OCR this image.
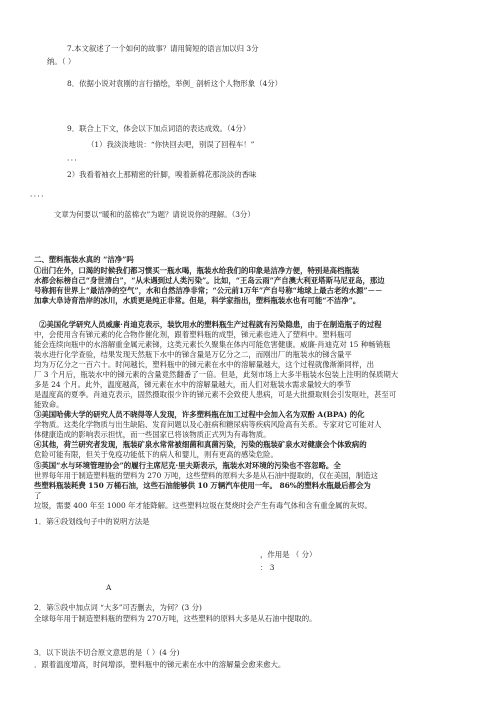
7.本文叙述了一个如何的故事？请用简短的语言加以归 3分
纳。（ ）
8．依据小说对袁刚的言行描绘，举例_ 剖析这个人物形象（4分）
9．联合上下文，体会以下加点词语的表达成效。（4分）
（1）我淡淡地说：“你快回去吧，别误了回程车！”
．．．
2）我看着袖衣上那精密的针脚，嗅着新棉花那淡淡的香味
．．．．
文章为何要以“暖和的蓝棉衣”为题？请说说你的理解。（3分）
二、塑料瓶装水真的 “洁净”吗
①出门在外，口渴的时候我们都习惯买一瓶水喝，瓶装水给我们的印象是洁净方便，特别是高档瓶装
水都会标榜自己“身世清白”，“从未遇到过人类污染”。比如，“王岛云雨”产自澳大利亚塔斯马尼亚岛，那边
号称拥有世界上“最洁净的空气”，水和自然洁净非常；“公元前1万年”产自号称“地球上最古老的水源”－－
加拿大阜诗育浩岸的冰川，水质更是纯正非常。但是，科学家指出，塑料瓶装水也有可能“不洁净”。
②美国化学研究人员威廉·肖迪克表示，装饮用水的塑料瓶生产过程就有污染隐患，由于在制造瓶子的过程
中，会使用含有锑元素的化合物作催化剂，跟着塑料瓶的成型，锑元素也进入了塑料中。塑料瓶可
能会连续向瓶中的水溶解重金属元素锑，这类元素长久聚集在体内可能危害健康。威廉·肖迪克对 15 种畅销瓶
装水进行化学查验，结果发现天然瓶下水中的锑含量是万亿分之二，而刚出厂的瓶装水的锑含量平
均为万亿分之一百六十。时间越长，塑料瓶中的锑元素在水中的溶解量越大，这个过程就像渐渐同样，出
厂 3 个月后，瓶装水中的锑元素的含量竟然翻番了一倍。但是，此刻市场上大多半瓶装水包装上注明的保质期大
多是 24 个月。此外，温度越高，锑元素在水中的溶解量越大，而人们对瓶装水需求量较大的季节
是温度高的夏季。肖迪克表示，固然摄取很少许的锑元素不会致使人患病，可是大批摄取则会引发呕吐，甚至可
能致命。
③美国哈佛大学的研究人员不晓得等人发现，许多塑料瓶在加工过程中会加入名为双酚 A(BPA) 的化
学物质。这类化学物质与出生缺陷、发育问题以及心脏病和糖尿病等疾病风险高有关系。专家对它可能对人
体健康造成的影响表示担忧，而一些国家已将该物质正式列为有毒物质。
④其他，荷兰研究者发现，瓶装矿泉水常常被细菌和真菌污染，污染的瓶装矿泉水对健康会个体致病的
危险可能有限，但关于免疫功能低下的病人和婴儿，则有更高的感染危险。
⑤英国“水与环境管理协会”的履行主席尼克·里夫斯表示，瓶装水对环境的污染也不容忽略。全
世界每年用于制造塑料瓶的塑料为 270 万吨，这些塑料的原料大多是从石油中提取的，仅在美国，制造这
些塑料瓶装耗费 150 万桶石油，这些石油能够供 10 万辆汽车使用一年。 86%的塑料水瓶最后都会为
了
垃圾，需要 400 年至 1000 年才能降解。这些塑料垃圾在焚烧时会产生有毒气体和含有重金属的灰烬。
1．第④段划线句子中的说明方法是
，作用是 （ 分）
： 3
A
2．第⑤段中加点词 “大多”可否删去，为何？(3 分)
全球每年用于制造塑料瓶的塑料为 270万吨，这些塑料的原料大多是从石油中提取的。
3．以下说法不切合原文意思的是（ ）(4 分)
．跟着温度增高，时间增添，塑料瓶中的锑元素在水中的溶解量会愈来愈大。
